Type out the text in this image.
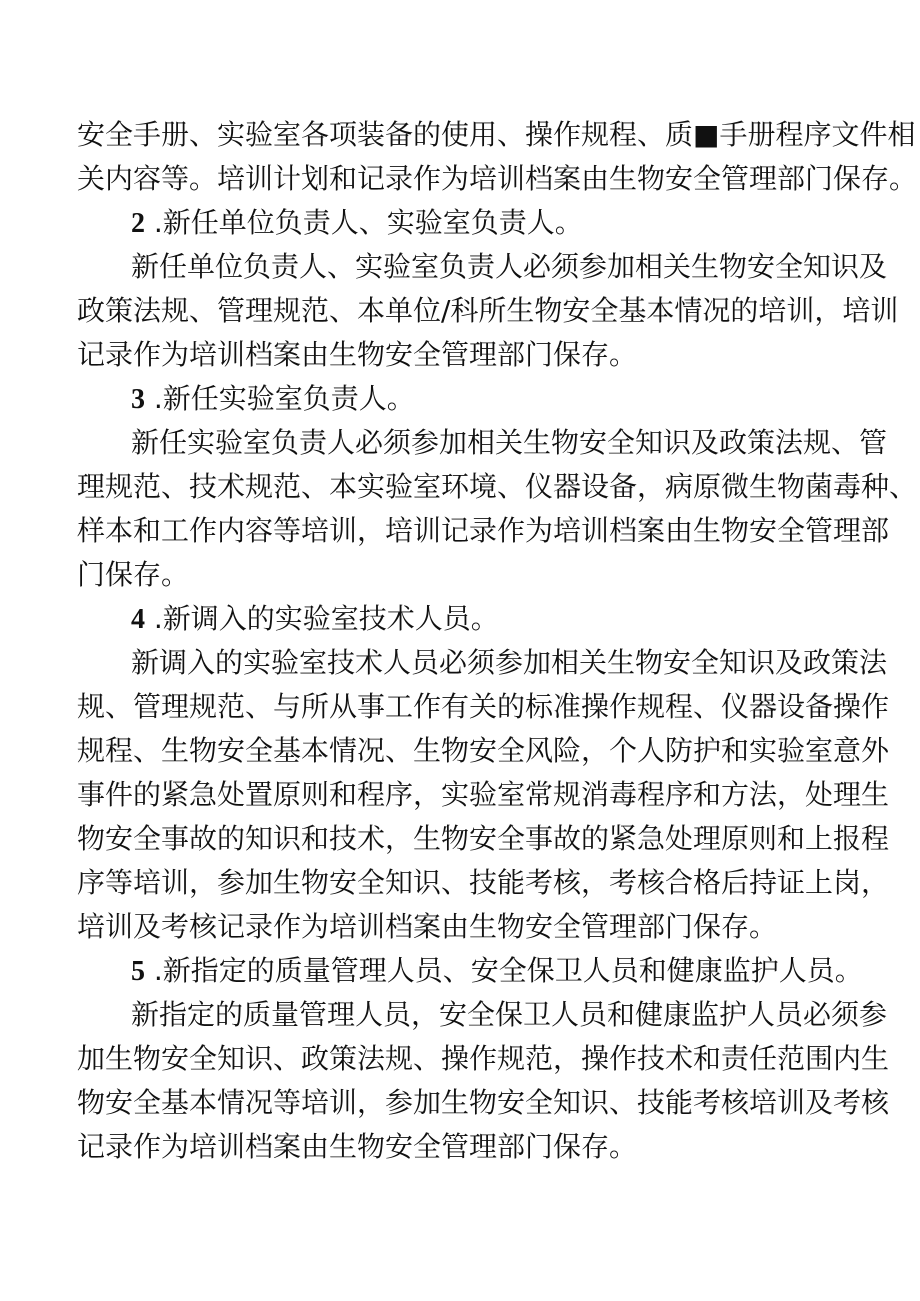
安全手册、实验室各项装备的使用、操作规程、质■手册程序文件相
关内容等。培训计划和记录作为培训档案由生物安全管理部门保存。
2 .新任单位负责人、实验室负责人。
新任单位负责人、实验室负责人必须参加相关生物安全知识及
政策法规、管理规范、本单位/科所生物安全基本情况的培训，培训
记录作为培训档案由生物安全管理部门保存。
3 .新任实验室负责人。
新任实验室负责人必须参加相关生物安全知识及政策法规、管
理规范、技术规范、本实验室环境、仪器设备，病原微生物菌毒种、
样本和工作内容等培训，培训记录作为培训档案由生物安全管理部
门保存。
4 .新调入的实验室技术人员。
新调入的实验室技术人员必须参加相关生物安全知识及政策法
规、管理规范、与所从事工作有关的标准操作规程、仪器设备操作
规程、生物安全基本情况、生物安全风险，个人防护和实验室意外
事件的紧急处置原则和程序，实验室常规消毒程序和方法，处理生
物安全事故的知识和技术，生物安全事故的紧急处理原则和上报程
序等培训，参加生物安全知识、技能考核，考核合格后持证上岗，
培训及考核记录作为培训档案由生物安全管理部门保存。
5 .新指定的质量管理人员、安全保卫人员和健康监护人员。
新指定的质量管理人员，安全保卫人员和健康监护人员必须参
加生物安全知识、政策法规、操作规范，操作技术和责任范围内生
物安全基本情况等培训，参加生物安全知识、技能考核培训及考核
记录作为培训档案由生物安全管理部门保存。
